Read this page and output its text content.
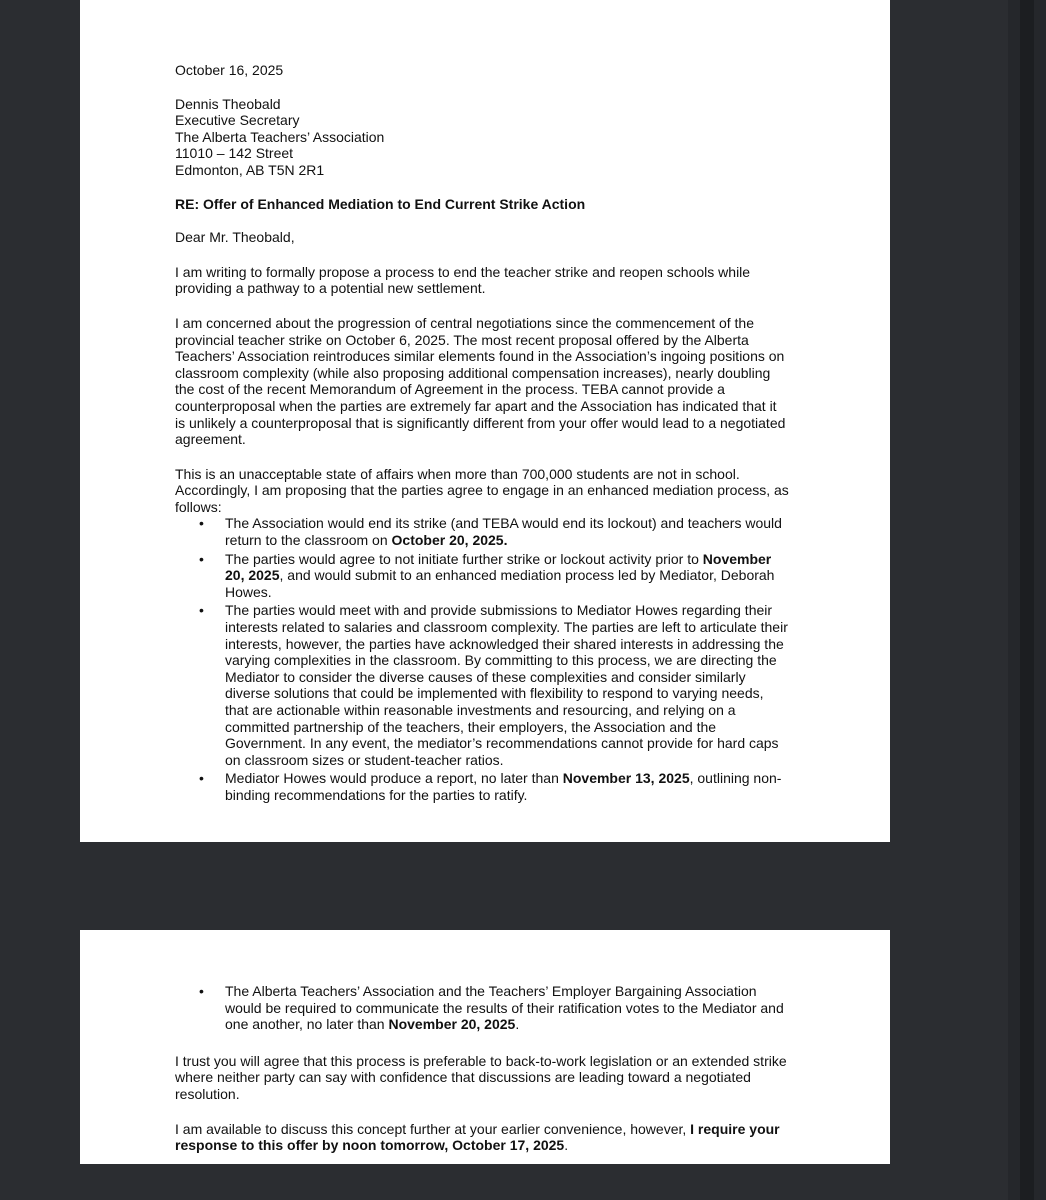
October 16, 2025

Dennis Theobald

Executive Secretary

The Alberta Teachers’ Association

11010 – 142 Street

Edmonton, AB T5N 2R1

RE: Offer of Enhanced Mediation to End Current Strike Action

Dear Mr. Theobald,

I am writing to formally propose a process to end the teacher strike and reopen schools while providing a pathway to a potential new settlement.

I am concerned about the progression of central negotiations since the commencement of the provincial teacher strike on October 6, 2025. The most recent proposal offered by the Alberta Teachers’ Association reintroduces similar elements found in the Association’s ingoing positions on classroom complexity (while also proposing additional compensation increases), nearly doubling the cost of the recent Memorandum of Agreement in the process. TEBA cannot provide a counterproposal when the parties are extremely far apart and the Association has indicated that it is unlikely a counterproposal that is significantly different from your offer would lead to a negotiated agreement.

This is an unacceptable state of affairs when more than 700,000 students are not in school. Accordingly, I am proposing that the parties agree to engage in an enhanced mediation process, as follows:

• The Association would end its strike (and TEBA would end its lockout) and teachers would return to the classroom on October 20, 2025.
• The parties would agree to not initiate further strike or lockout activity prior to November 20, 2025, and would submit to an enhanced mediation process led by Mediator, Deborah Howes.
• The parties would meet with and provide submissions to Mediator Howes regarding their interests related to salaries and classroom complexity. The parties are left to articulate their interests, however, the parties have acknowledged their shared interests in addressing the varying complexities in the classroom. By committing to this process, we are directing the Mediator to consider the diverse causes of these complexities and consider similarly diverse solutions that could be implemented with flexibility to respond to varying needs, that are actionable within reasonable investments and resourcing, and relying on a committed partnership of the teachers, their employers, the Association and the Government. In any event, the mediator’s recommendations cannot provide for hard caps on classroom sizes or student-teacher ratios.
• Mediator Howes would produce a report, no later than November 13, 2025, outlining non-binding recommendations for the parties to ratify.
• The Alberta Teachers’ Association and the Teachers’ Employer Bargaining Association would be required to communicate the results of their ratification votes to the Mediator and one another, no later than November 20, 2025.

I trust you will agree that this process is preferable to back-to-work legislation or an extended strike where neither party can say with confidence that discussions are leading toward a negotiated resolution.

I am available to discuss this concept further at your earlier convenience, however, I require your response to this offer by noon tomorrow, October 17, 2025.
